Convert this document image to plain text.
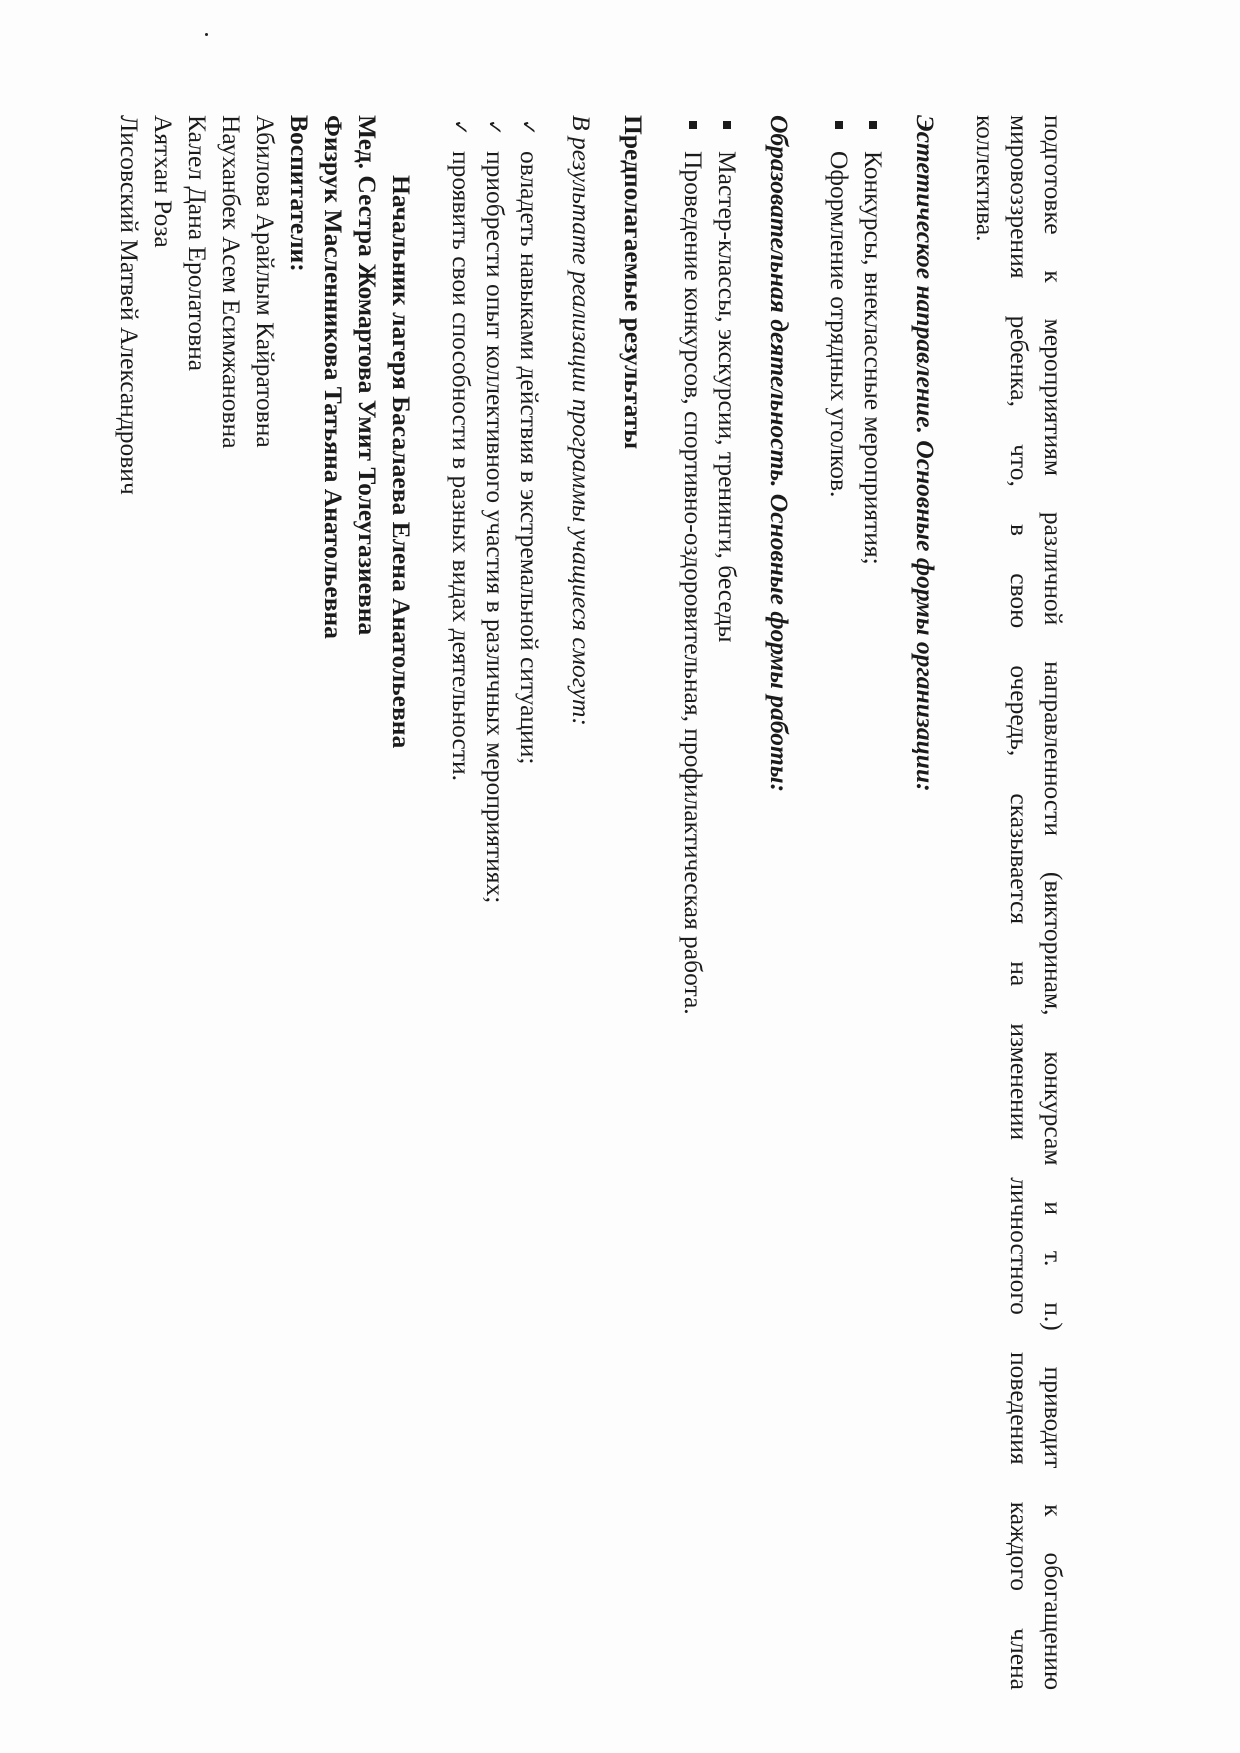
подготовке к мероприятиям различной направленности (викторинам, конкурсам и т. п.) приводит к обогащению
мировоззрения ребенка, что, в свою очередь, сказывается на изменении личностного поведения каждого члена
коллектива.
Эстетическое направление. Основные формы организации:
Конкурсы, внеклассные мероприятия;
Оформление отрядных уголков.
Образовательная деятельность. Основные формы работы:
Мастер-классы, экскурсии, тренинги, беседы
Проведение конкурсов, спортивно-оздоровительная, профилактическая работа.
Предполагаемые результаты
В результате реализации программы учащиеся смогут:
✓
овладеть навыками действия в экстремальной ситуации;
✓
приобрести опыт коллективного участия в различных мероприятиях;
✓
проявить свои способности в разных видах деятельности.
Начальник лагеря Басалаева Елена Анатольевна
Мед. Сестра Жомартова Умит Толеугазиевна
Физрук Масленникова Татьяна Анатольевна
Воспитатели:
Абилова Арайлым Кайратовна
Науханбек Асем Есимжановна
Калел Дана Еролатовна
Аятхан Роза
Лисовский Матвей Александрович
